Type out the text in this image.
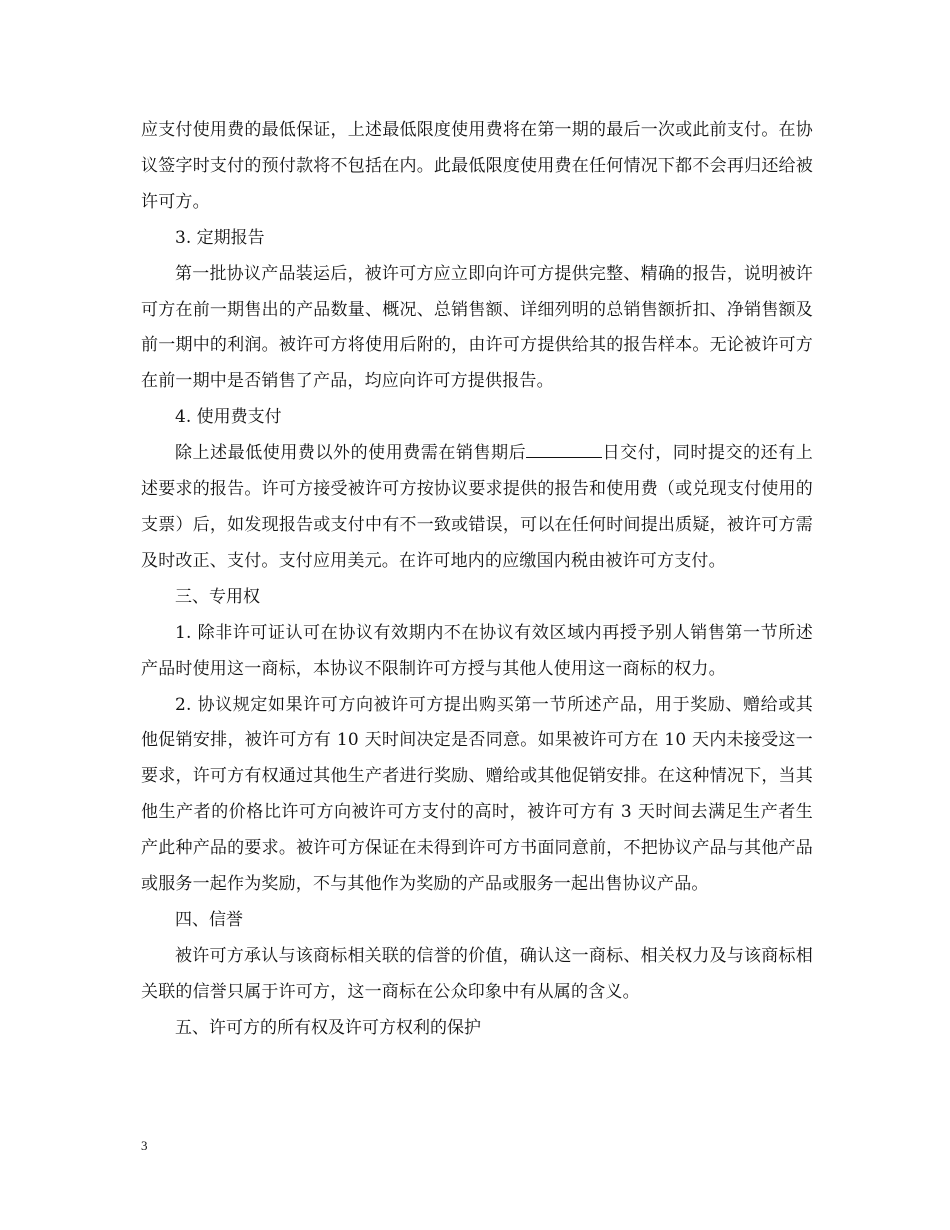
应支付使用费的最低保证，上述最低限度使用费将在第一期的最后一次或此前支付。在协议签字时支付的预付款将不包括在内。此最低限度使用费在任何情况下都不会再归还给被许可方。

3. 定期报告

第一批协议产品装运后，被许可方应立即向许可方提供完整、精确的报告，说明被许可方在前一期售出的产品数量、概况、总销售额、详细列明的总销售额折扣、净销售额及前一期中的利润。被许可方将使用后附的，由许可方提供给其的报告样本。无论被许可方在前一期中是否销售了产品，均应向许可方提供报告。

4. 使用费支付

除上述最低使用费以外的使用费需在销售期后	日交付，同时提交的还有上述要求的报告。许可方接受被许可方按协议要求提供的报告和使用费（或兑现支付使用的支票）后，如发现报告或支付中有不一致或错误，可以在任何时间提出质疑，被许可方需及时改正、支付。支付应用美元。在许可地内的应缴国内税由被许可方支付。

三、专用权

1. 除非许可证认可在协议有效期内不在协议有效区域内再授予别人销售第一节所述产品时使用这一商标，本协议不限制许可方授与其他人使用这一商标的权力。

2. 协议规定如果许可方向被许可方提出购买第一节所述产品，用于奖励、赠给或其他促销安排，被许可方有 10 天时间决定是否同意。如果被许可方在 10 天内未接受这一要求，许可方有权通过其他生产者进行奖励、赠给或其他促销安排。在这种情况下，当其他生产者的价格比许可方向被许可方支付的高时，被许可方有 3 天时间去满足生产者生产此种产品的要求。被许可方保证在未得到许可方书面同意前，不把协议产品与其他产品或服务一起作为奖励，不与其他作为奖励的产品或服务一起出售协议产品。

四、信誉

被许可方承认与该商标相关联的信誉的价值，确认这一商标、相关权力及与该商标相关联的信誉只属于许可方，这一商标在公众印象中有从属的含义。

五、许可方的所有权及许可方权利的保护

3
